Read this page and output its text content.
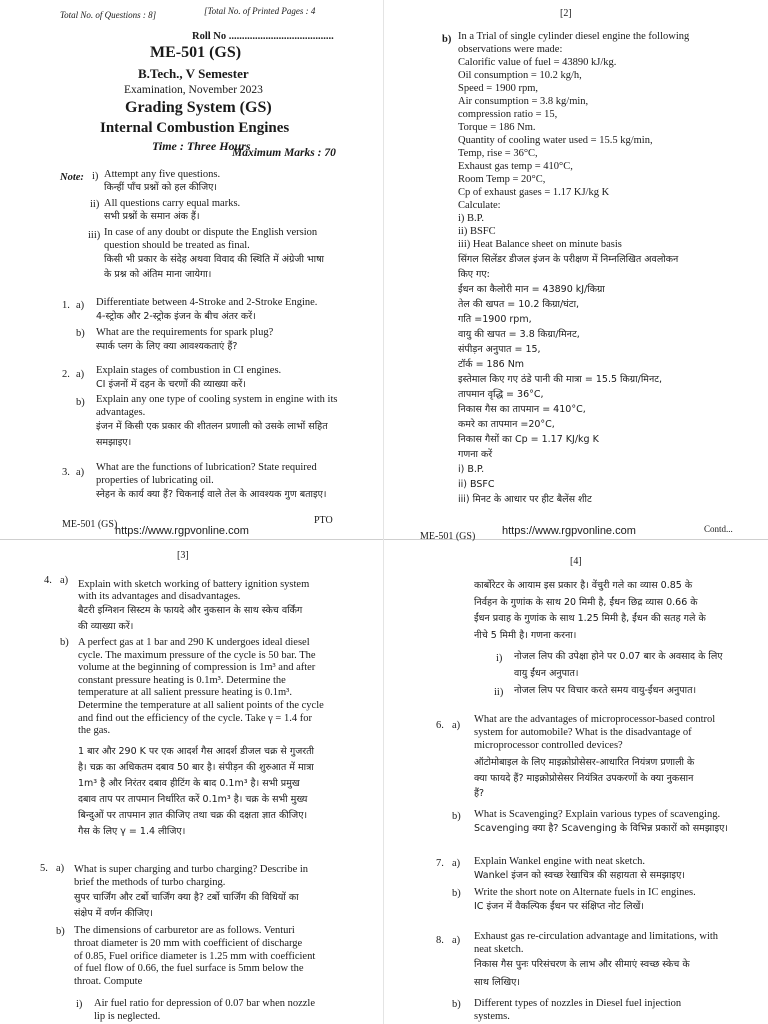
Total No. of Questions : 8]	[Total No. of Printed Pages : 4
Roll No ........................................
ME-501 (GS)
B.Tech., V Semester
Examination, November 2023
Grading System (GS)
Internal Combustion Engines
Time : Three Hours
Maximum Marks : 70
Note: i) Attempt any five questions.
किन्हीं पाँच प्रश्नों को हल कीजिए।
ii) All questions carry equal marks.
सभी प्रश्नों के समान अंक हैं।
iii) In case of any doubt or dispute the English version
question should be treated as final.
किसी भी प्रकार के संदेह अथवा विवाद की स्थिति में अंग्रेजी भाषा
के प्रश्न को अंतिम माना जायेगा।
1. a) Differentiate between 4-Stroke and 2-Stroke Engine.
4-स्ट्रोक और 2-स्ट्रोक इंजन के बीच अंतर करें।
b) What are the requirements for spark plug?
स्पार्क प्लग के लिए क्या आवश्यकताएं हैं?
2. a) Explain stages of combustion in CI engines.
CI इंजनों में दहन के चरणों की व्याख्या करें।
b) Explain any one type of cooling system in engine with its
advantages.
इंजन में किसी एक प्रकार की शीतलन प्रणाली को उसके लाभों सहित
समझाइए।
3. a) What are the functions of lubrication? State required
properties of lubricating oil.
स्नेहन के कार्य क्या हैं? चिकनाई वाले तेल के आवश्यक गुण बताइए।
ME-501 (GS)	PTO
https://www.rgpvonline.com
[2]
b) In a Trial of single cylinder diesel engine the following
observations were made:
Calorific value of fuel = 43890 kJ/kg.
Oil consumption = 10.2 kg/h,
Speed = 1900 rpm,
Air consumption = 3.8 kg/min,
compression ratio = 15,
Torque = 186 Nm.
Quantity of cooling water used = 15.5 kg/min,
Temp, rise = 36°C,
Exhaust gas temp = 410°C,
Room Temp = 20°C,
Cp of exhaust gases = 1.17 KJ/kg K
Calculate:
i) B.P.
ii) BSFC
iii) Heat Balance sheet on minute basis
सिंगल सिलेंडर डीजल इंजन के परीक्षण में निम्नलिखित अवलोकन
किए गए:
ईंधन का कैलोरी मान = 43890 kJ/किग्रा
तेल की खपत = 10.2 किग्रा/घंटा,
गति =1900 rpm,
वायु की खपत = 3.8 किग्रा/मिनट,
संपीड़न अनुपात = 15,
टॉर्क = 186 Nm
इस्तेमाल किए गए ठंडे पानी की मात्रा = 15.5 किग्रा/मिनट,
तापमान वृद्धि = 36°C,
निकास गैस का तापमान = 410°C,
कमरे का तापमान =20°C,
निकास गैसों का Cp = 1.17 KJ/kg K
गणना करें
i) B.P.
ii) BSFC
iii) मिनट के आधार पर हीट बैलेंस शीट
ME-501 (GS)
Contd...
https://www.rgpvonline.com
[3]
4. a) Explain with sketch working of battery ignition system
with its advantages and disadvantages.
बैटरी इग्निशन सिस्टम के फायदे और नुकसान के साथ स्केच वर्किंग
की व्याख्या करें।
b) A perfect gas at 1 bar and 290 K undergoes ideal diesel
cycle. The maximum pressure of the cycle is 50 bar. The
volume at the beginning of compression is 1m³ and after
constant pressure heating is 0.1m³. Determine the
temperature at all salient pressure heating is 0.1m³.
Determine the temperature at all salient points of the cycle
and find out the efficiency of the cycle. Take γ = 1.4 for
the gas.
1 बार और 290 K पर एक आदर्श गैस आदर्श डीजल चक्र से गुजरती
है। चक्र का अधिकतम दबाव 50 बार है। संपीड़न की शुरुआत में मात्रा
1m³ है और निरंतर दबाव हीटिंग के बाद 0.1m³ है। सभी प्रमुख
दबाव ताप पर तापमान निर्धारित करें 0.1m³ है। चक्र के सभी मुख्य
बिन्दुओं पर तापमान ज्ञात कीजिए तथा चक्र की दक्षता ज्ञात कीजिए।
गैस के लिए γ = 1.4 लीजिए।
5. a) What is super charging and turbo charging? Describe in
brief the methods of turbo charging.
सुपर चार्जिंग और टर्बो चार्जिंग क्या है? टर्बो चार्जिंग की विधियों का
संक्षेप में वर्णन कीजिए।
b) The dimensions of carburetor are as follows. Venturi
throat diameter is 20 mm with coefficient of discharge
of 0.85, Fuel orifice diameter is 1.25 mm with coefficient
of fuel flow of 0.66, the fuel surface is 5mm below the
throat. Compute
i) Air fuel ratio for depression of 0.07 bar when nozzle
lip is neglected.
[4]
कार्बोरेटर के आयाम इस प्रकार है। वेंचुरी गले का व्यास 0.85 के
निर्वहन के गुणांक के साथ 20 मिमी है, ईंधन छिद्र व्यास 0.66 के
ईंधन प्रवाह के गुणांक के साथ 1.25 मिमी है, ईंधन की सतह गले के
नीचे 5 मिमी है। गणना करना।
i) नोजल लिप की उपेक्षा होने पर 0.07 बार के अवसाद के लिए
वायु ईंधन अनुपात।
ii) नोजल लिप पर विचार करते समय वायु-ईंधन अनुपात।
6. a)
What are the advantages of microprocessor-based control
system for automobile? What is the disadvantage of
microprocessor controlled devices?
ऑटोमोबाइल के लिए माइक्रोप्रोसेसर-आधारित नियंत्रण प्रणाली के
क्या फायदे हैं? माइक्रोप्रोसेसर नियंत्रित उपकरणों के क्या नुकसान
हैं?
b) What is Scavenging? Explain various types of scavenging.
Scavenging क्या है? Scavenging के विभिन्न प्रकारों को समझाइए।
7. a) Explain Wankel engine with neat sketch.
Wankel इंजन को स्वच्छ रेखाचित्र की सहायता से समझाइए।
b) Write the short note on Alternate fuels in IC engines.
IC इंजन में वैकल्पिक ईंधन पर संक्षिप्त नोट लिखें।
8. a) Exhaust gas re-circulation advantage and limitations, with
neat sketch.
निकास गैस पुनः परिसंचरण के लाभ और सीमाएं स्वच्छ स्केच के
साथ लिखिए।
b) Different types of nozzles in Diesel fuel injection
systems.
